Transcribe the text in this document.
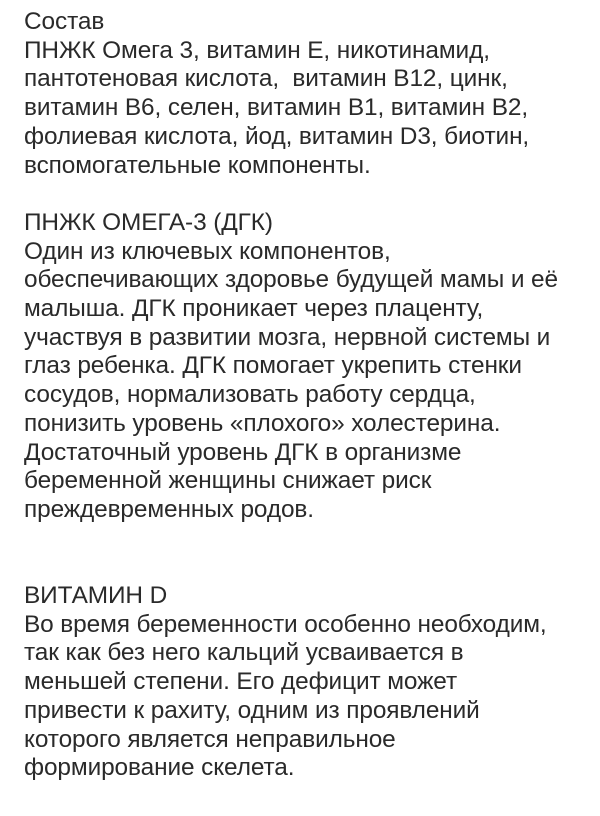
Состав
ПНЖК Омега 3, витамин Е, никотинамид,
пантотеновая кислота,  витамин В12, цинк,
витамин В6, селен, витамин В1, витамин В2,
фолиевая кислота, йод, витамин D3, биотин,
вспомогательные компоненты.
ПНЖК ОМЕГА-3 (ДГК)
Один из ключевых компонентов,
обеспечивающих здоровье будущей мамы и её
малыша. ДГК проникает через плаценту,
участвуя в развитии мозга, нервной системы и
глаз ребенка. ДГК помогает укрепить стенки
сосудов, нормализовать работу сердца,
понизить уровень «плохого» холестерина.
Достаточный уровень ДГК в организме
беременной женщины снижает риск
преждевременных родов.
ВИТАМИН D
Во время беременности особенно необходим,
так как без него кальций усваивается в
меньшей степени. Его дефицит может
привести к рахиту, одним из проявлений
которого является неправильное
формирование скелета.
